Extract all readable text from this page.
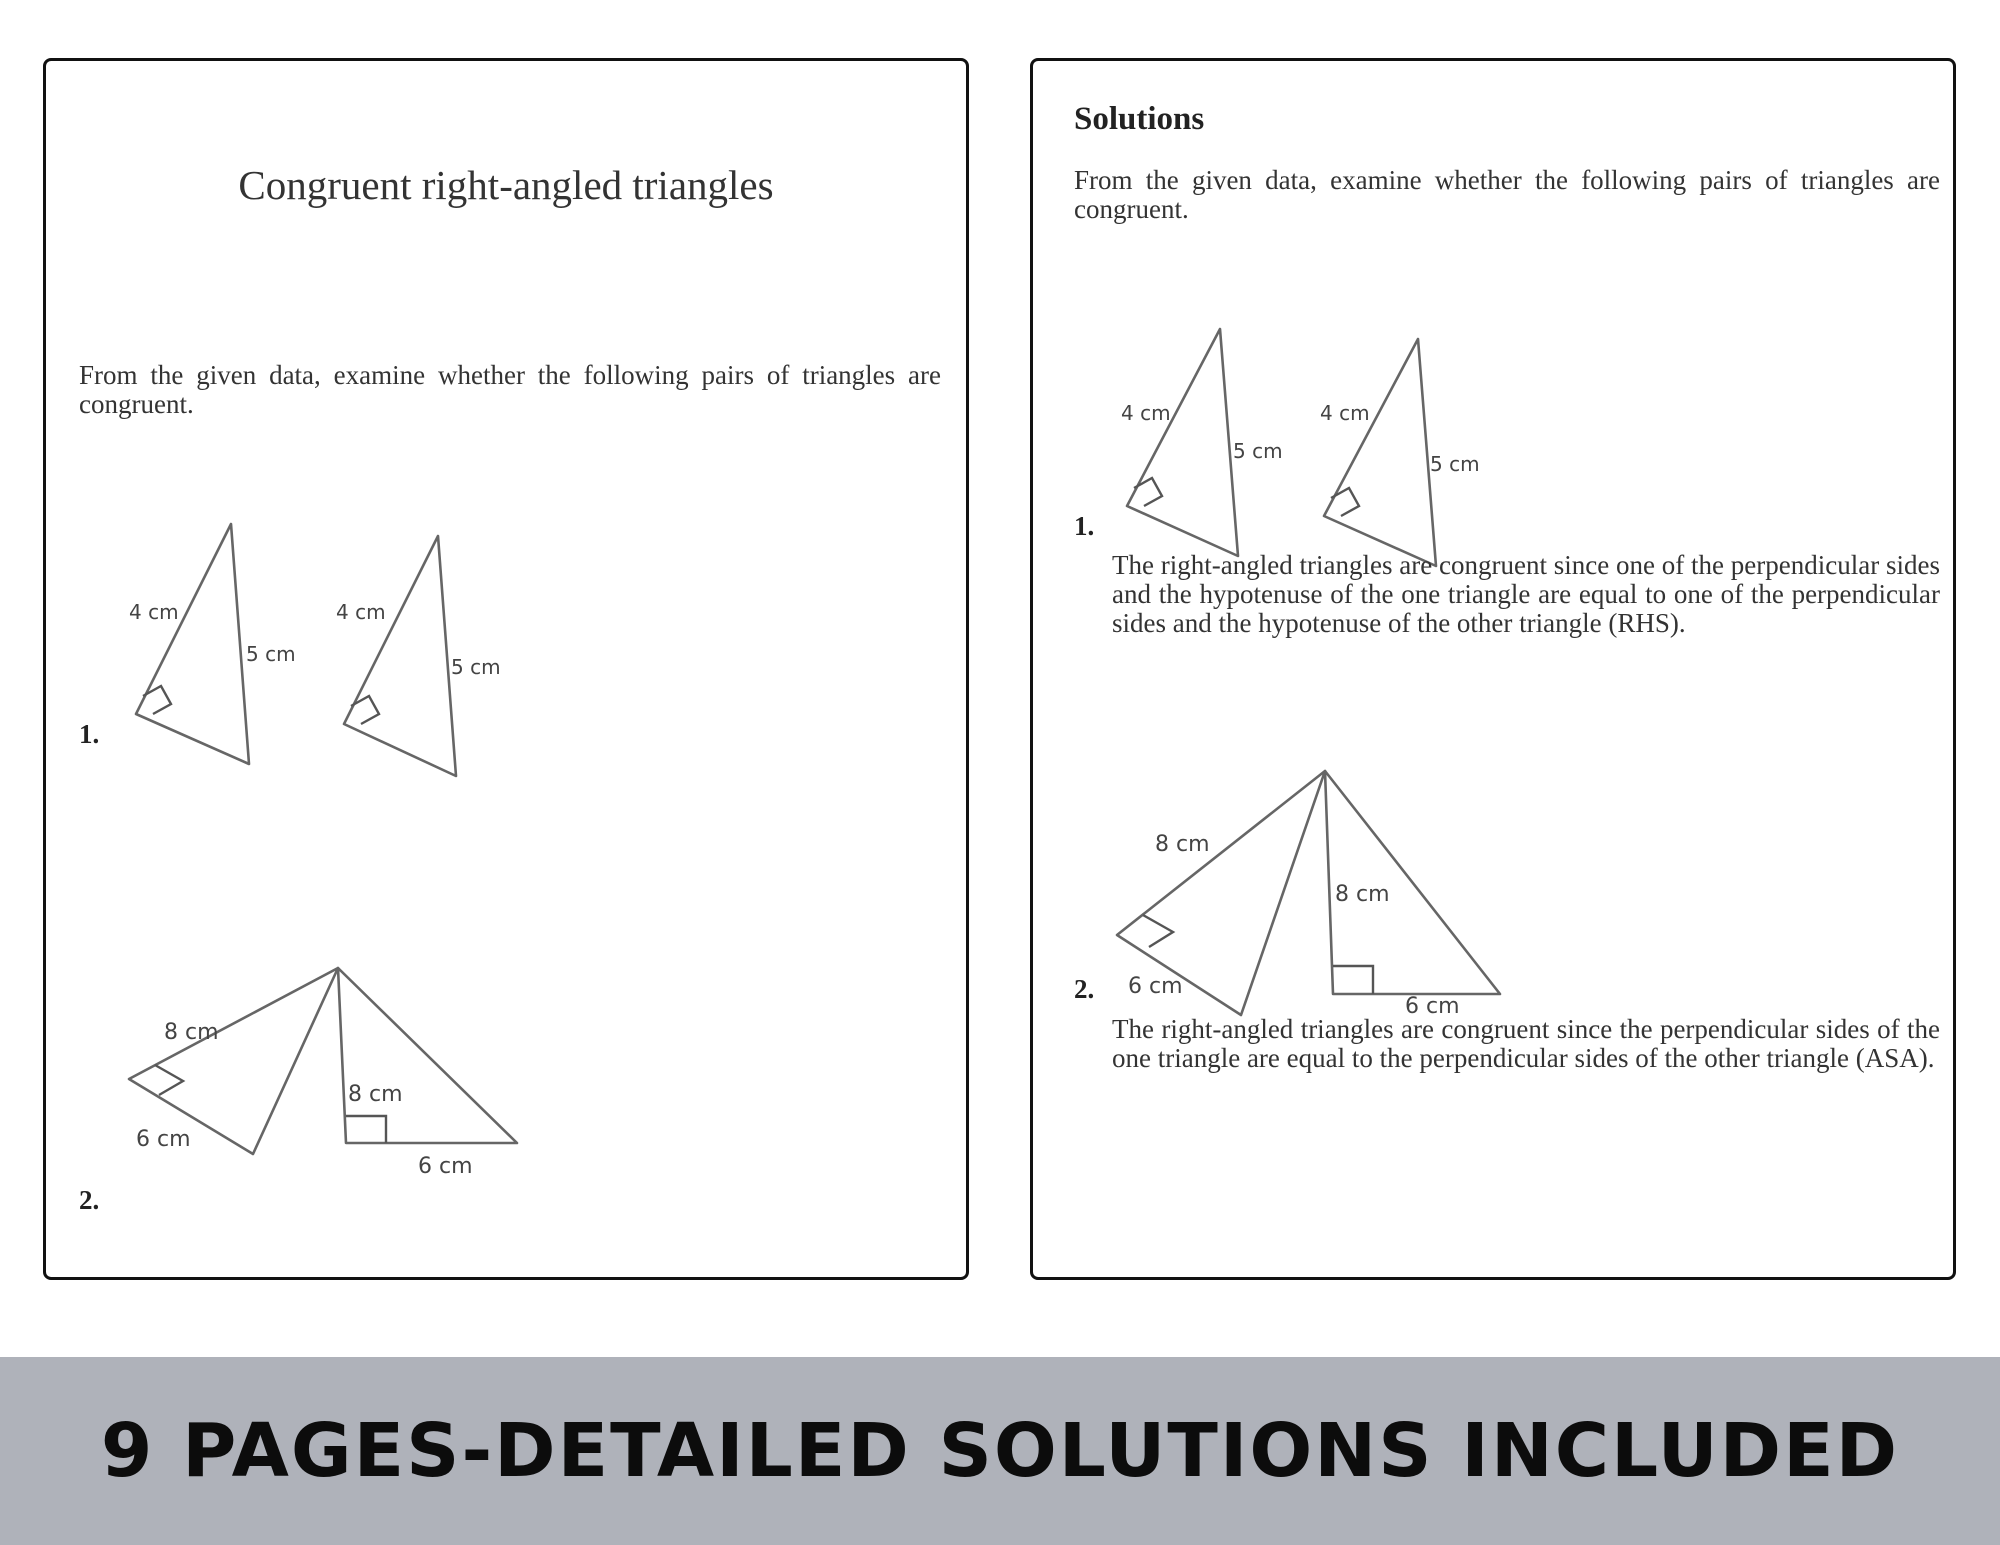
Congruent right-angled triangles

From the given data, examine whether the following pairs of triangles are congruent.

4 cm
5 cm
4 cm
5 cm
1.
8 cm
6 cm
8 cm
6 cm
2.
Solutions

From the given data, examine whether the following pairs of triangles are congruent.

4 cm
5 cm
4 cm
5 cm
1.

The right-angled triangles are congruent since one of the perpendicular sides and the hypotenuse of the one triangle are equal to one of the perpendicular sides and the hypotenuse of the other triangle (RHS).

8 cm
6 cm
8 cm
6 cm
2.

The right-angled triangles are congruent since the perpendicular sides of the one triangle are equal to the perpendicular sides of the other triangle (ASA).

9 PAGES-DETAILED SOLUTIONS INCLUDED
